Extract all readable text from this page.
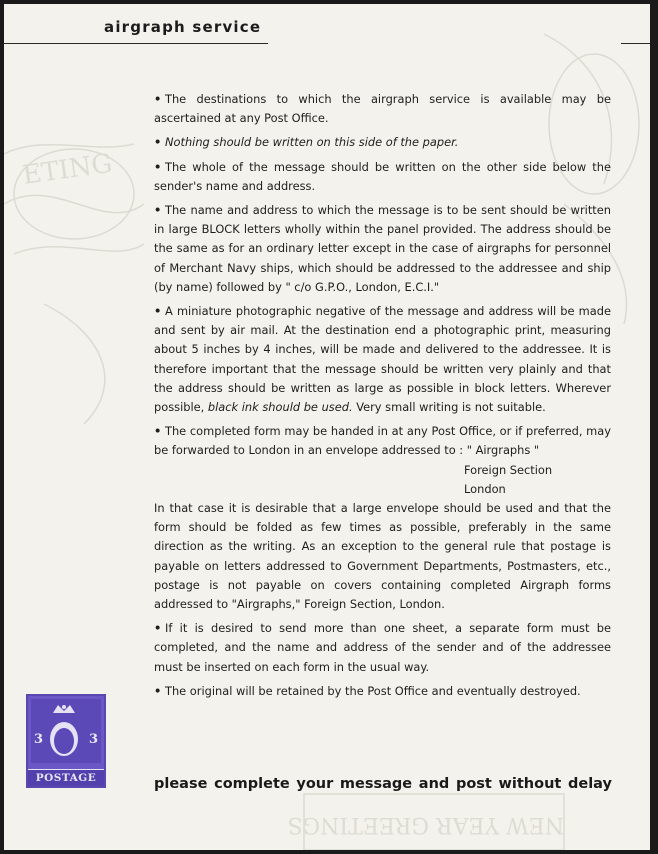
ETING
NEW YEAR GREETINGS
airgraph service

• The destinations to which the airgraph service is available may be ascertained at any Post Office.

• Nothing should be written on this side of the paper.

• The whole of the message should be written on the other side below the sender's name and address.

• The name and address to which the message is to be sent should be written in large BLOCK letters wholly within the panel provided. The address should be the same as for an ordinary letter except in the case of airgraphs for personnel of Merchant Navy ships, which should be addressed to the addressee and ship (by name) followed by " c/o G.P.O., London, E.C.I."

• A miniature photographic negative of the message and address will be made and sent by air mail. At the destination end a photographic print, measuring about 5 inches by 4 inches, will be made and delivered to the addressee. It is therefore important that the message should be written very plainly and that the address should be written as large as possible in block letters. Wherever possible, black ink should be used. Very small writing is not suitable.

• The completed form may be handed in at any Post Office, or if preferred, may be forwarded to London in an envelope addressed to : " Airgraphs "

Foreign Section
London

In that case it is desirable that a large envelope should be used and that the form should be folded as few times as possible, preferably in the same direction as the writing. As an exception to the general rule that postage is payable on letters addressed to Government Departments, Postmasters, etc., postage is not payable on covers containing completed Airgraph forms addressed to "Airgraphs," Foreign Section, London.

• If it is desired to send more than one sheet, a separate form must be completed, and the name and address of the sender and of the addressee must be inserted on each form in the usual way.

• The original will be retained by the Post Office and eventually destroyed.

3	3
POSTAGE	please complete your message and post without delay
